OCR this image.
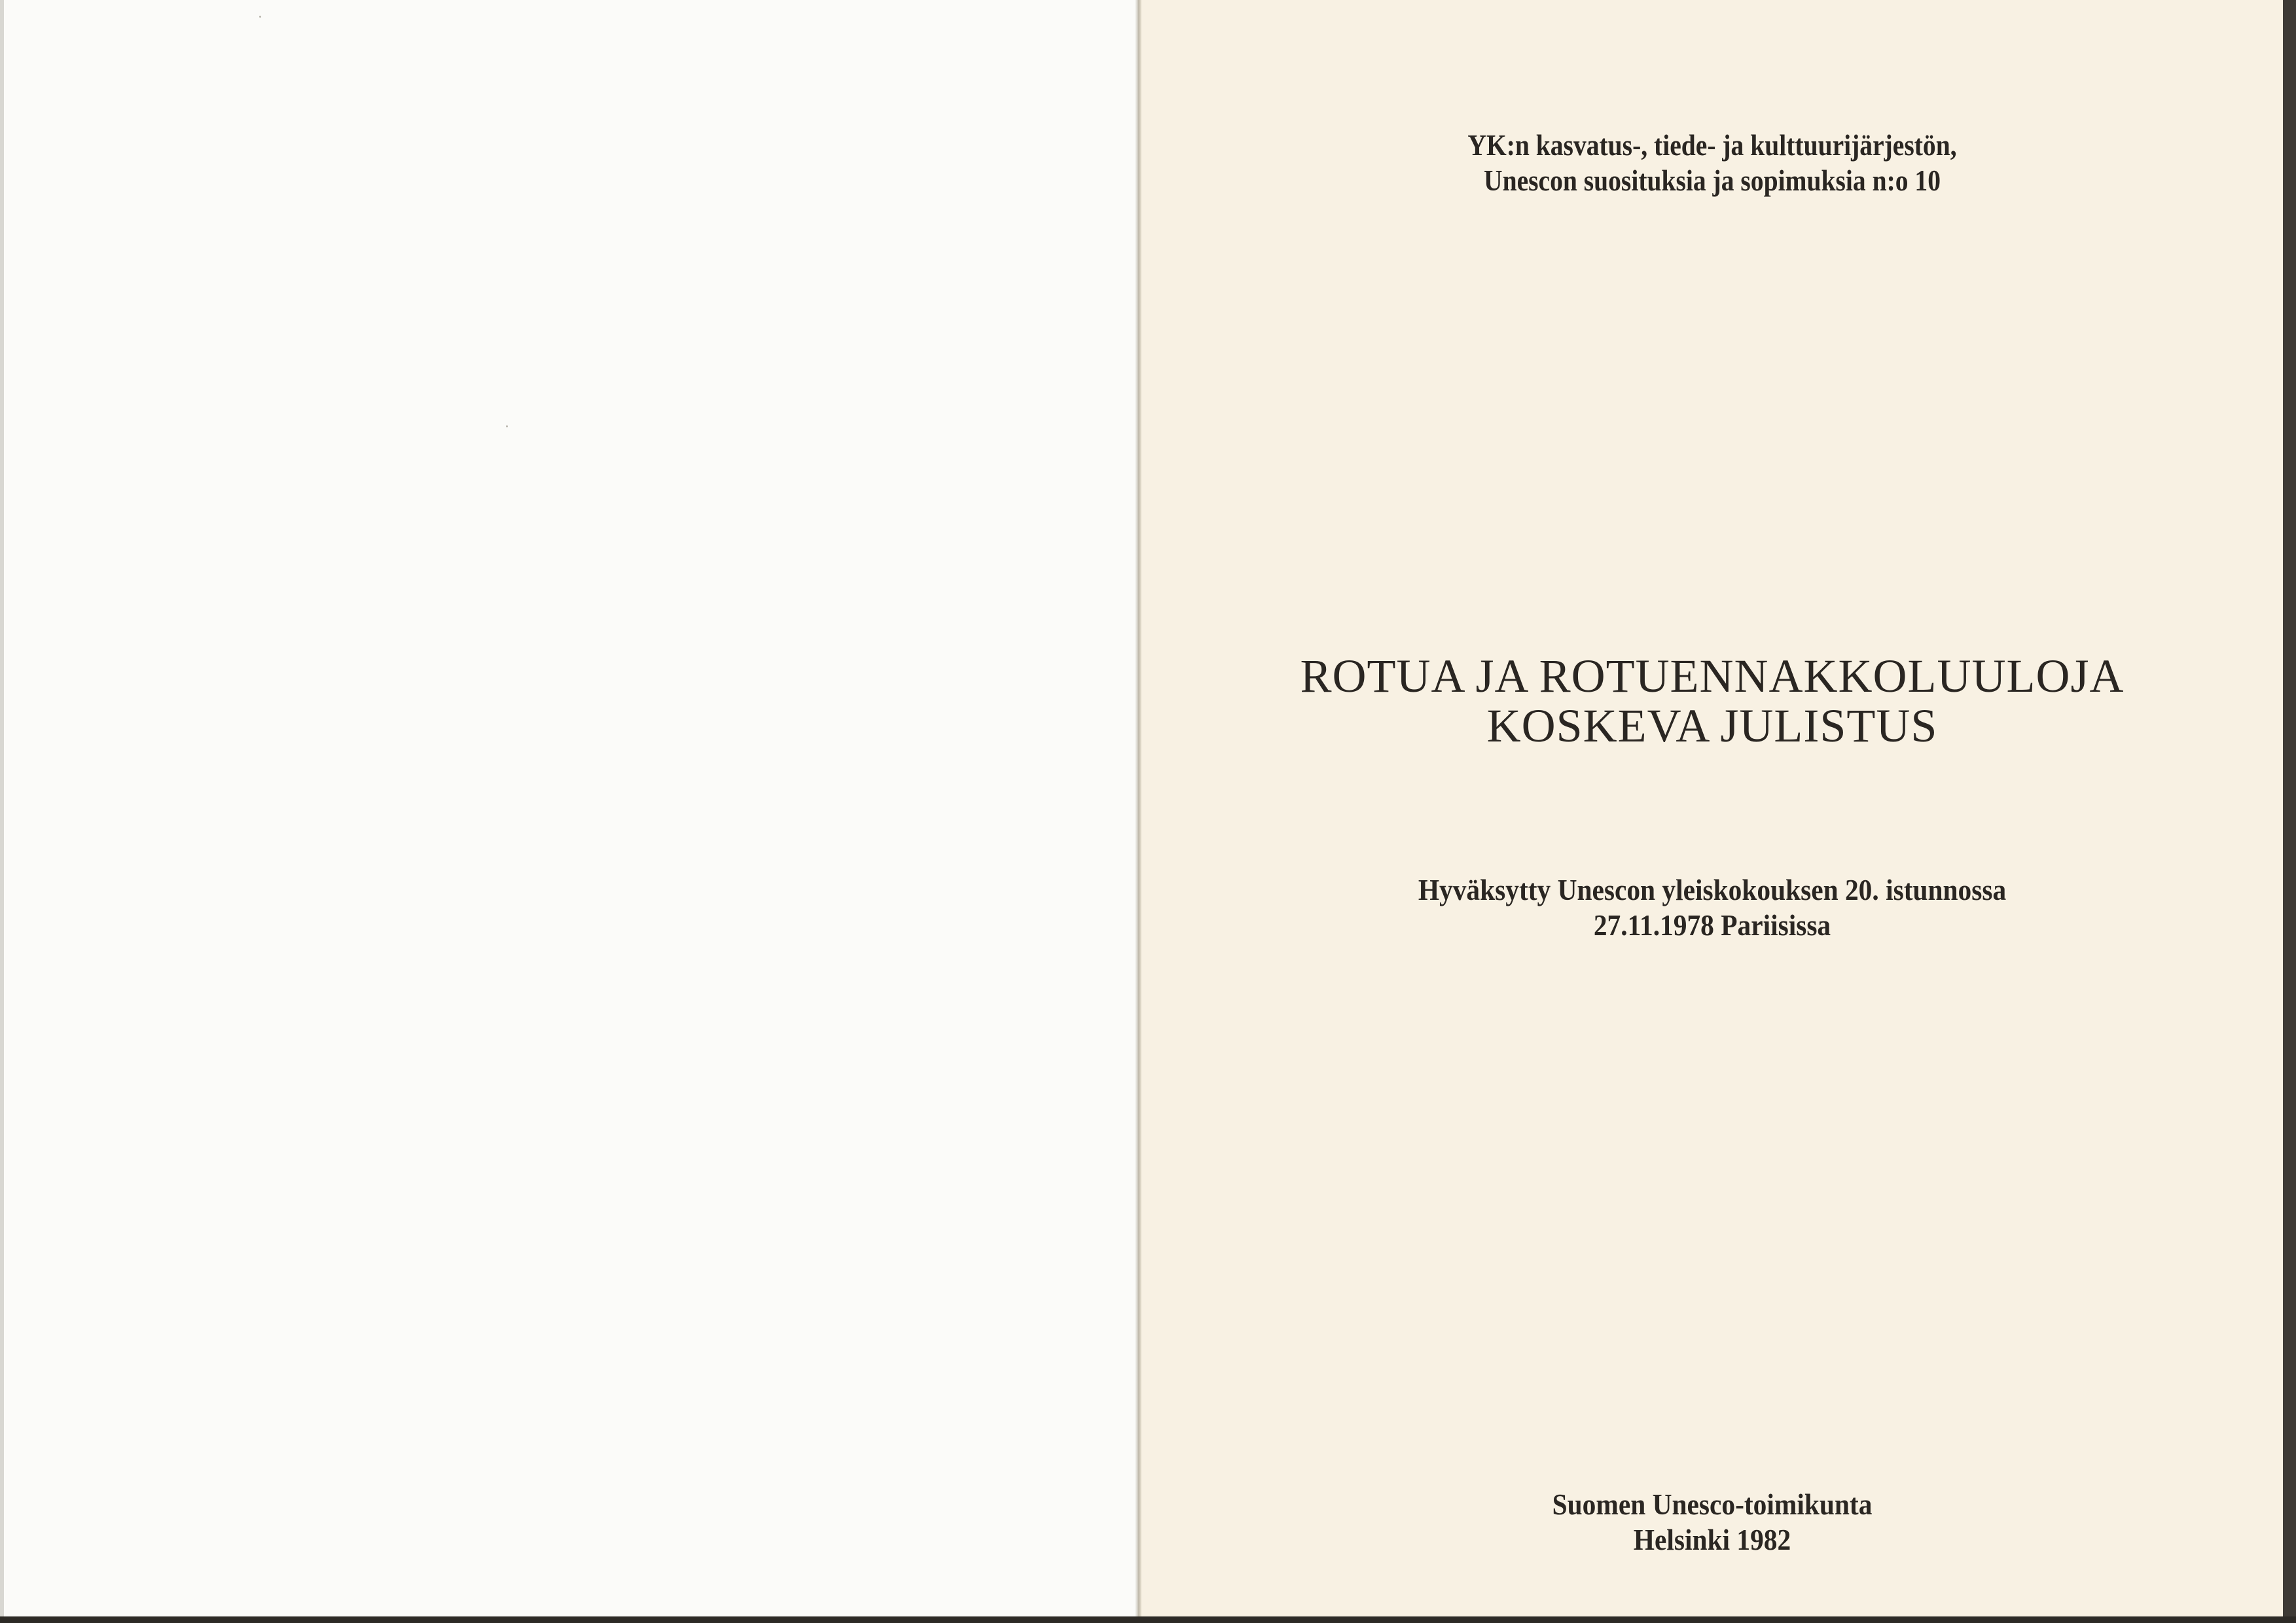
YK:n kasvatus-, tiede- ja kulttuurijärjestön,
Unescon suosituksia ja sopimuksia n:o 10

ROTUA JA ROTUENNAKKOLUULOJA
KOSKEVA JULISTUS

Hyväksytty Unescon yleiskokouksen 20. istunnossa
27.11.1978 Pariisissa

Suomen Unesco-toimikunta
Helsinki 1982
